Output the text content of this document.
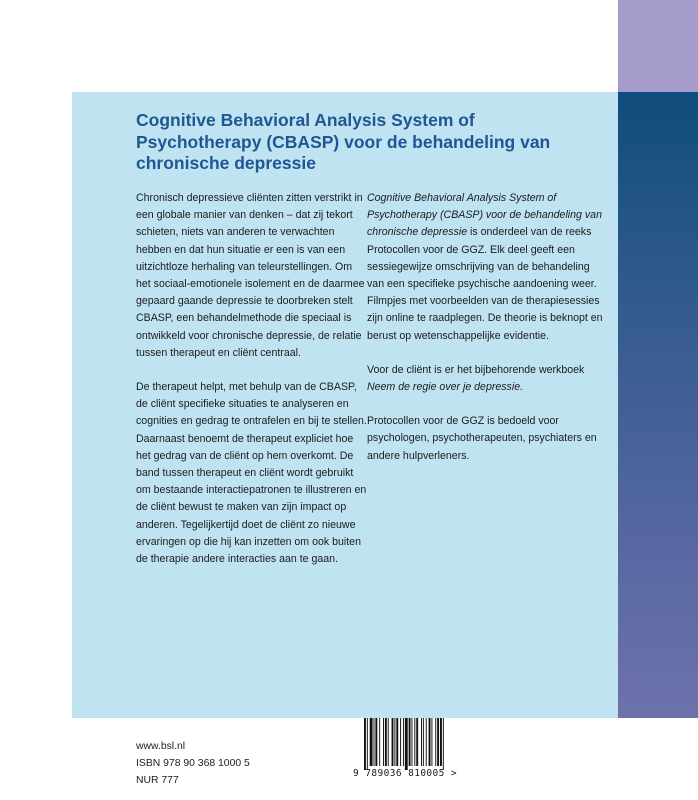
Cognitive Behavioral Analysis System of Psychotherapy (CBASP) voor de behandeling van chronische depressie

Chronisch depressieve cliënten zitten verstrikt in een globale manier van denken – dat zij tekort schieten, niets van anderen te verwachten hebben en dat hun situatie er een is van een uitzichtloze herhaling van teleurstellingen. Om het sociaal-emotionele isolement en de daarmee gepaard gaande depressie te doorbreken stelt CBASP, een behandelmethode die speciaal is ontwikkeld voor chronische depressie, de relatie tussen therapeut en cliënt centraal.

De therapeut helpt, met behulp van de CBASP, de cliënt specifieke situaties te analyseren en cognities en gedrag te ontrafelen en bij te stellen. Daarnaast benoemt de therapeut expliciet hoe het gedrag van de cliënt op hem overkomt. De band tussen therapeut en cliënt wordt gebruikt om bestaande interactiepatronen te illustreren en de cliënt bewust te maken van zijn impact op anderen. Tegelijkertijd doet de cliënt zo nieuwe ervaringen op die hij kan inzetten om ook buiten de therapie andere interacties aan te gaan.

Cognitive Behavioral Analysis System of Psychotherapy (CBASP) voor de behandeling van chronische depressie is onderdeel van de reeks Protocollen voor de GGZ. Elk deel geeft een sessiegewijze omschrijving van de behandeling van een specifieke psychische aandoening weer. Filmpjes met voorbeelden van de therapiesessies zijn online te raadplegen. De theorie is beknopt en berust op wetenschappelijke evidentie.

Voor de cliënt is er het bijbehorende werkboek Neem de regie over je depressie.

Protocollen voor de GGZ is bedoeld voor psychologen, psychotherapeuten, psychiaters en andere hulpverleners.

www.bsl.nl
ISBN 978 90 368 1000 5
NUR 777
9 789036 810005 >
